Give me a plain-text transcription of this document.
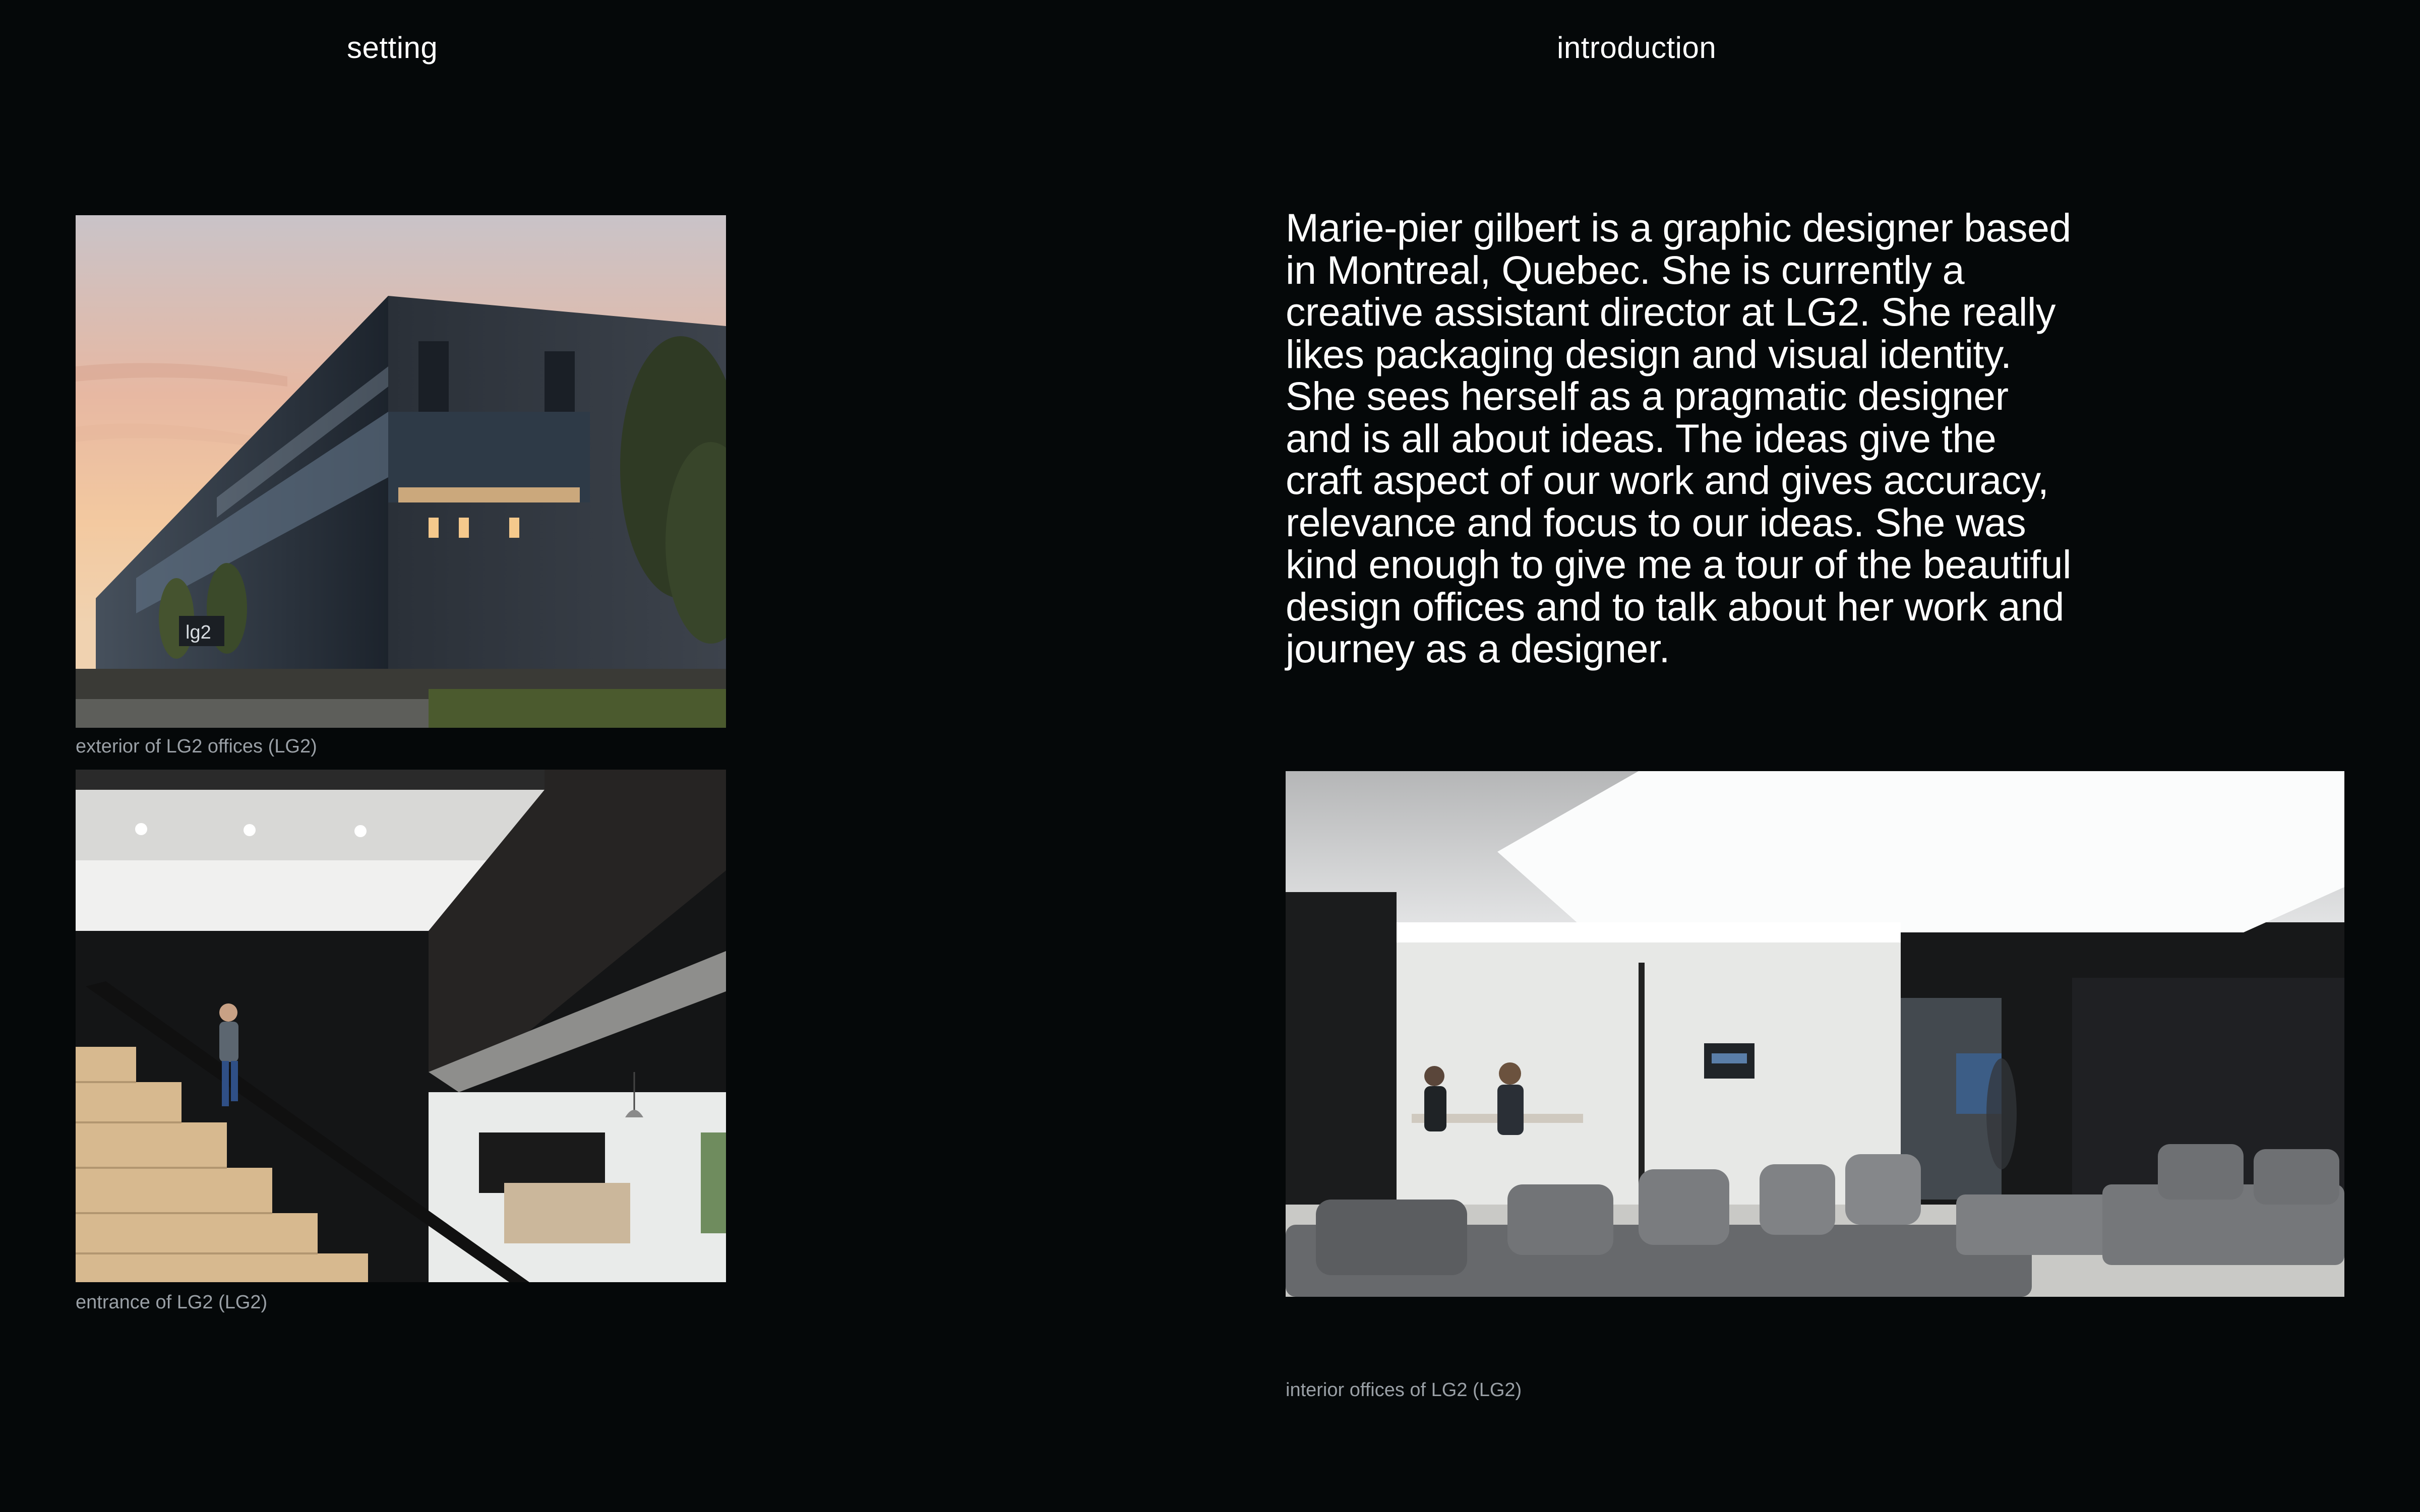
setting	introduction
lg2

exterior of LG2 offices (LG2)

entrance of LG2 (LG2)

Marie-pier gilbert is a graphic designer based in Montreal, Quebec. She is currently a creative assistant director at LG2. She really likes packaging design and visual identity. She sees herself as a pragmatic designer and is all about ideas. The ideas give the craft aspect of our work and gives accuracy, relevance and focus to our ideas. She was kind enough to give me a tour of the beautiful design offices and to talk about her work and journey as a designer.

interior offices of LG2 (LG2)
